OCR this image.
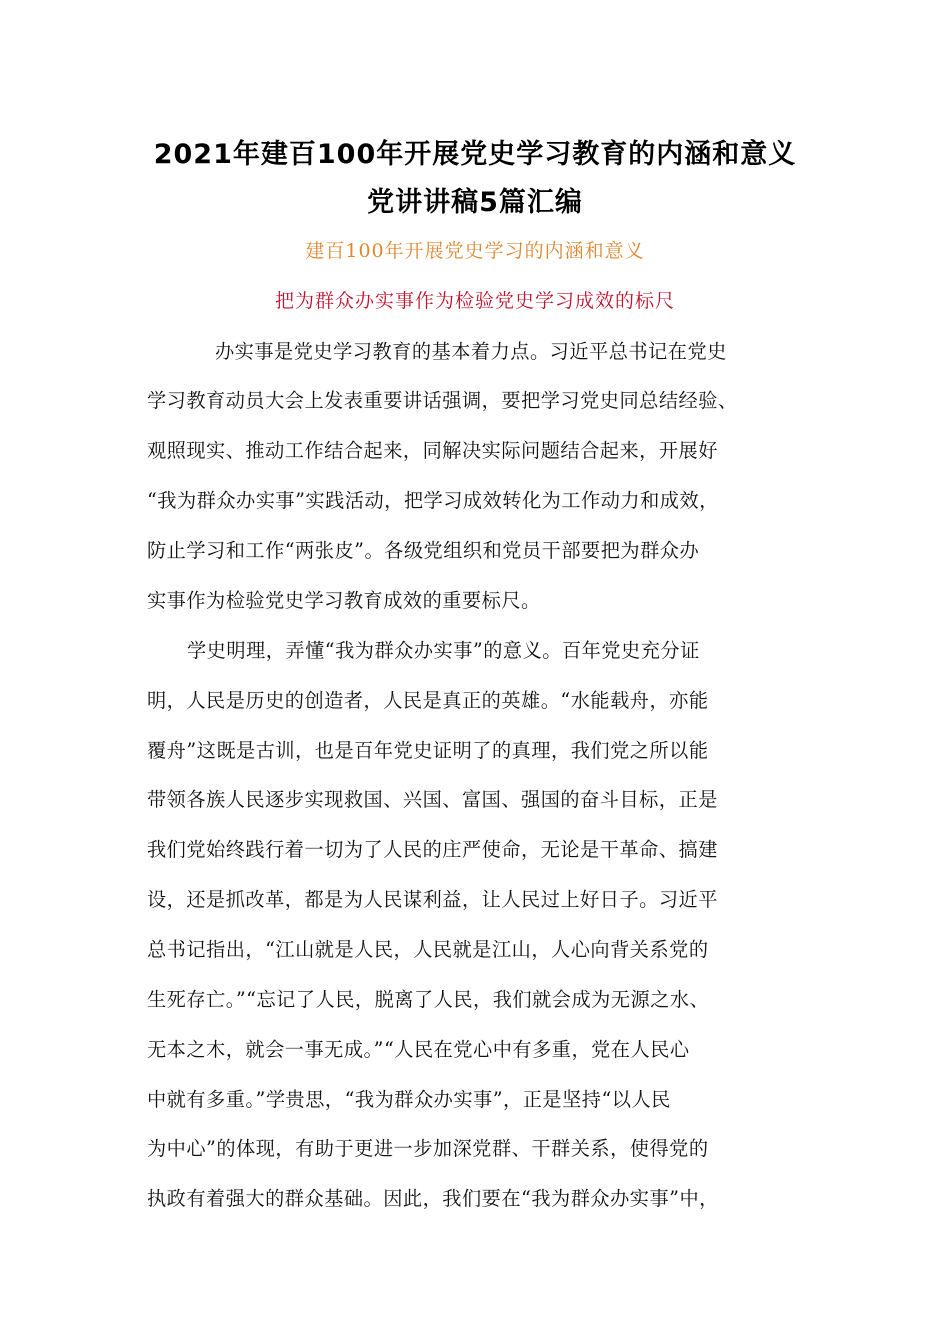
2021年建百100年开展党史学习教育的内涵和意义
党讲讲稿5篇汇编
建百100年开展党史学习的内涵和意义
把为群众办实事作为检验党史学习成效的标尺
办实事是党史学习教育的基本着力点。习近平总书记在党史
学习教育动员大会上发表重要讲话强调，要把学习党史同总结经验、
观照现实、推动工作结合起来，同解决实际问题结合起来，开展好
“我为群众办实事”实践活动，把学习成效转化为工作动力和成效，
防止学习和工作“两张皮”。各级党组织和党员干部要把为群众办
实事作为检验党史学习教育成效的重要标尺。
学史明理，弄懂“我为群众办实事”的意义。百年党史充分证
明，人民是历史的创造者，人民是真正的英雄。“水能载舟，亦能
覆舟”这既是古训，也是百年党史证明了的真理，我们党之所以能
带领各族人民逐步实现救国、兴国、富国、强国的奋斗目标，正是
我们党始终践行着一切为了人民的庄严使命，无论是干革命、搞建
设，还是抓改革，都是为人民谋利益，让人民过上好日子。习近平
总书记指出，“江山就是人民，人民就是江山，人心向背关系党的
生死存亡。”“忘记了人民，脱离了人民，我们就会成为无源之水、
无本之木，就会一事无成。”“人民在党心中有多重，党在人民心
中就有多重。”学贵思，“我为群众办实事”，正是坚持“以人民
为中心”的体现，有助于更进一步加深党群、干群关系，使得党的
执政有着强大的群众基础。因此，我们要在“我为群众办实事”中，
